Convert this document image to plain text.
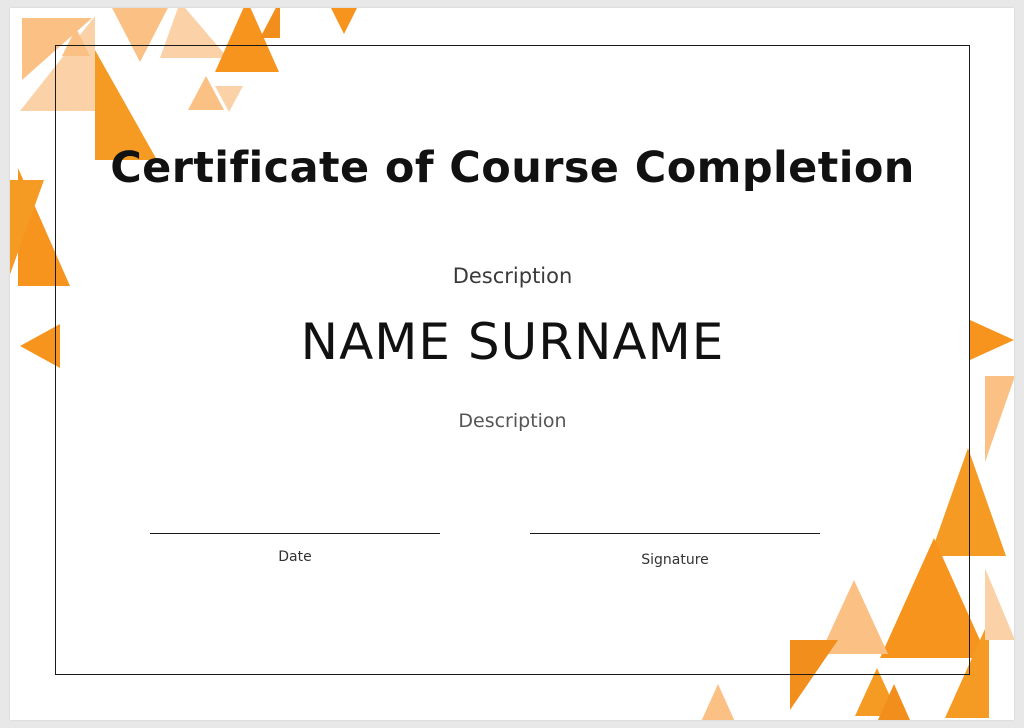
Certificate of Course Completion
Description
NAME SURNAME
Description
Date	Signature
